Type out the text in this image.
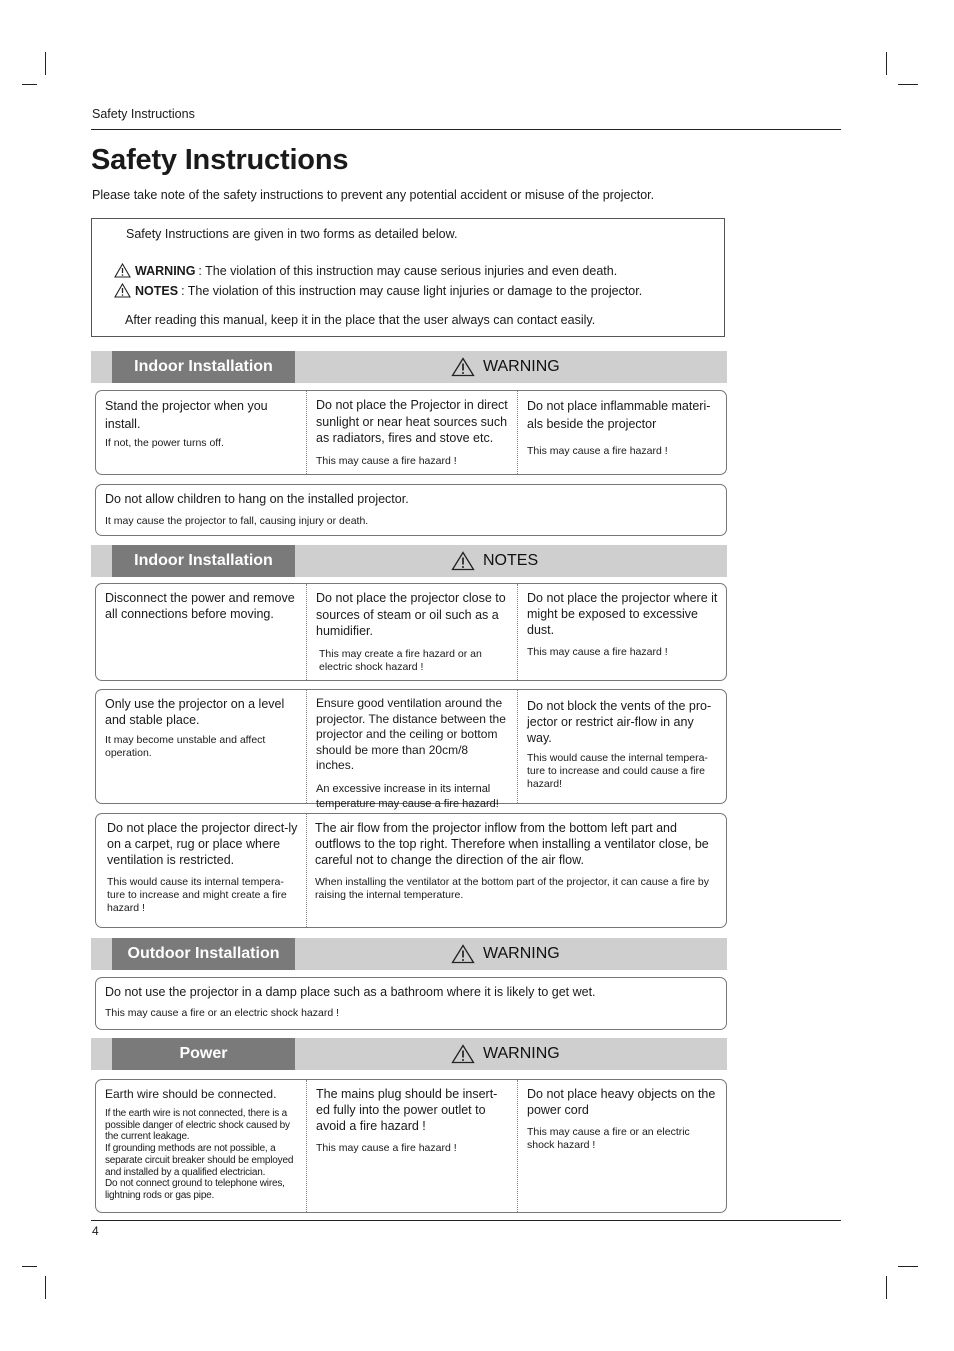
Safety Instructions
Safety Instructions
Please take note of the safety instructions to prevent any potential accident or misuse of the projector.
Safety Instructions are given in two forms as detailed below.
WARNING : The violation of this instruction may cause serious injuries and even death.
NOTES : The violation of this instruction may cause light injuries or damage to the projector.
After reading this manual, keep it in the place that the user always can contact easily.
Indoor Installation	WARNING

Stand the projector when you install.

If not, the power turns off.

Do not place the Projector in direct sunlight or near heat sources such as radiators, fires and stove etc.

This may cause a fire hazard !

Do not place inflammable materi-als beside the projector

This may cause a fire hazard !

Do not allow children to hang on the installed projector.

It may cause the projector to fall, causing injury or death.

Indoor Installation	NOTES

Disconnect the power and remove all connections before moving.

Do not place the projector close to sources of steam or oil such as a humidifier.

This may create a fire hazard or an electric shock hazard !

Do not place the projector where it might be exposed to excessive dust.

This may cause a fire hazard !

Only use the projector on a level and stable place.

It may become unstable and affect operation.

Ensure good ventilation around the projector. The distance between the projector and the ceiling or bottom should be more than 20cm/8 inches.

An excessive increase in its internal temperature may cause a fire hazard!

Do not block the vents of the pro-jector or restrict air-flow in any way.

This would cause the internal tempera-ture to increase and could cause a fire hazard!

Do not place the projector direct-ly on a carpet, rug or place where ventilation is restricted.

This would cause its internal tempera-ture to increase and might create a fire hazard !

The air flow from the projector inflow from the bottom left part and outflows to the top right. Therefore when installing a ventilator close, be careful not to change the direction of the air flow.

When installing the ventilator at the bottom part of the projector, it can cause a fire by raising the internal temperature.

Outdoor Installation	WARNING

Do not use the projector in a damp place such as a bathroom where it is likely to get wet.

This may cause a fire or an electric shock hazard !

Power	WARNING

Earth wire should be connected.

If the earth wire is not connected, there is a possible danger of electric shock caused by the current leakage.
If grounding methods are not possible, a separate circuit breaker should be employed and installed by a qualified electrician.
Do not connect ground to telephone wires, lightning rods or gas pipe.

The mains plug should be insert-ed fully into the power outlet to avoid a fire hazard !

This may cause a fire hazard !

Do not place heavy objects on the power cord

This may cause a fire or an electric shock hazard !

4
